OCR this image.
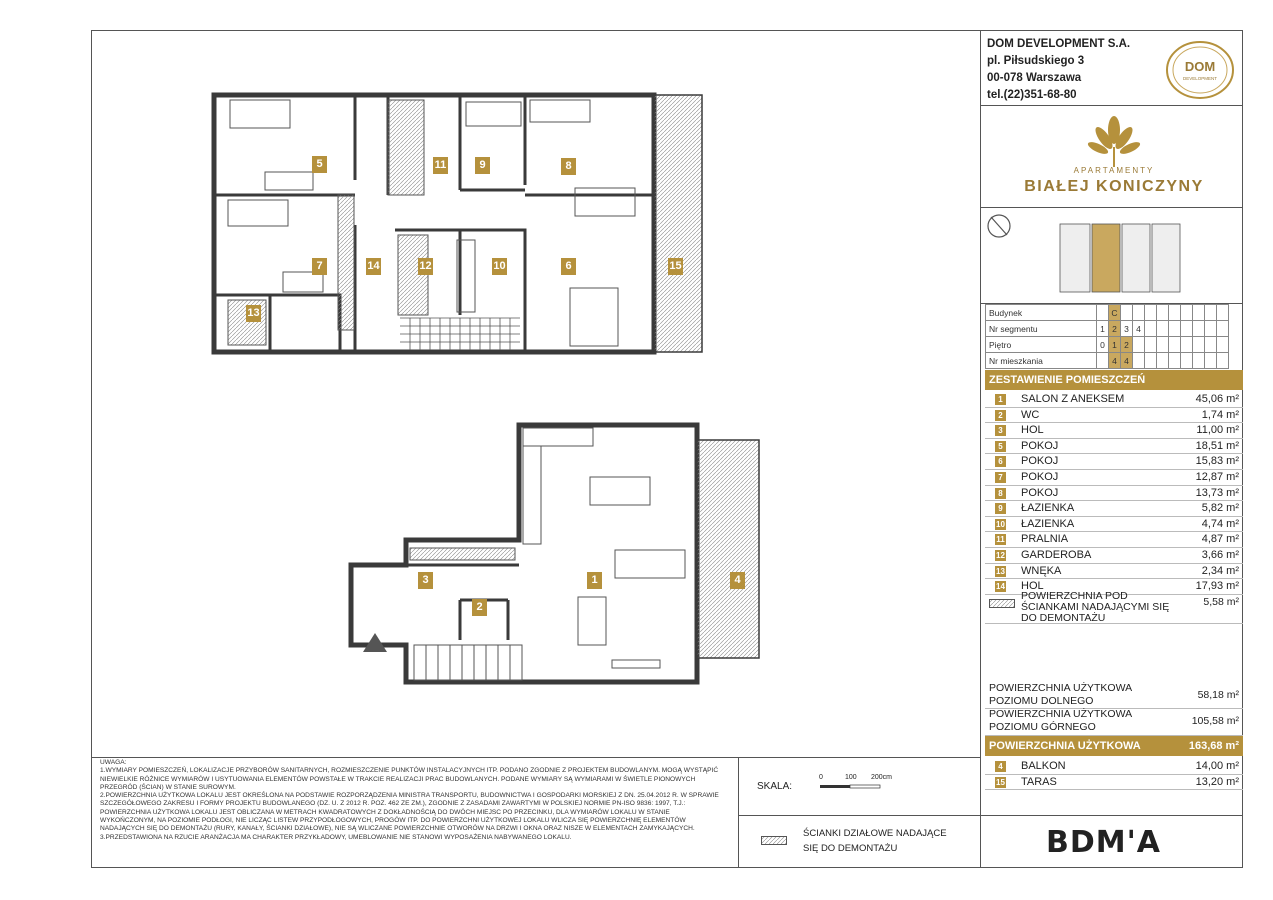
5	11	9	8
7	14	12	10	6	15
13
3	1
2
4
DOM DEVELOPMENT S.A.
pl. Piłsudskiego 3
00-078 Warszawa
tel.(22)351-68-80
DOM
DEVELOPMENT
APARTAMENTY
BIAŁEJ KONICZYNY
Budynek		C									
Nr segmentu	1	2	3	4							
Piętro	0	1	2								
Nr mieszkania		4	4								
ZESTAWIENIE POMIESZCZEŃ
1 SALON Z ANEKSEM	45,06 m²
2 WC	1,74 m²
3 HOL	11,00 m²
5 POKOJ	18,51 m²
6 POKOJ	15,83 m²
7 POKOJ	12,87 m²
8 POKOJ	13,73 m²
9 ŁAZIENKA	5,82 m²
10 ŁAZIENKA	4,74 m²
11 PRALNIA	4,87 m²
12 GARDEROBA	3,66 m²
13 WNĘKA	2,34 m²
14 HOL	17,93 m²
POWIERZCHNIA POD
ŚCIANKAMI NADAJĄCYMI SIĘ
DO DEMONTAŻU
5,58 m²
POWIERZCHNIA UŻYTKOWA
POZIOMU DOLNEGO	58,18 m²
POWIERZCHNIA UŻYTKOWA
POZIOMU GÓRNEGO	105,58 m²
POWIERZCHNIA UŻYTKOWA	163,68 m²
4 BALKON	14,00 m²
15 TARAS	13,20 m²
UWAGA:
1.WYMIARY POMIESZCZEŃ, LOKALIZACJE PRZYBORÓW SANITARNYCH, ROZMIESZCZENIE PUNKTÓW INSTALACYJNYCH ITP. PODANO ZGODNIE Z PROJEKTEM BUDOWLANYM. MOGĄ WYSTĄPIĆ NIEWIELKIE RÓŻNICE WYMIARÓW I USYTUOWANIA ELEMENTÓW POWSTAŁE W TRAKCIE REALIZACJI PRAC BUDOWLANYCH. PODANE WYMIARY SĄ WYMIARAMI W ŚWIETLE PIONOWYCH PRZEGRÓD (ŚCIAN) W STANIE SUROWYM.
2.POWIERZCHNIA UŻYTKOWA LOKALU JEST OKREŚLONA NA PODSTAWIE ROZPORZĄDZENIA MINISTRA TRANSPORTU, BUDOWNICTWA I GOSPODARKI MORSKIEJ Z DN. 25.04.2012 R. W SPRAWIE SZCZEGÓŁOWEGO ZAKRESU I FORMY PROJEKTU BUDOWLANEGO (DZ. U. Z 2012 R. POZ. 462 ZE ZM.), ZGODNIE Z ZASADAMI ZAWARTYMI W POLSKIEJ NORMIE PN-ISO 9836: 1997, T.J.: POWIERZCHNIA UŻYTKOWA LOKALU JEST OBLICZANA W METRACH KWADRATOWYCH Z DOKŁADNOŚCIĄ DO DWÓCH MIEJSC PO PRZECINKU, DLA WYMIARÓW LOKALU W STANIE WYKOŃCZONYM, NA POZIOMIE PODŁOGI, NIE LICZĄC LISTEW PRZYPODŁOGOWYCH, PROGÓW ITP. DO POWIERZCHNI UŻYTKOWEJ LOKALU WLICZA SIĘ POWIERZCHNIĘ ELEMENTÓW NADAJĄCYCH SIĘ DO DEMONTAŻU (RURY, KANAŁY, ŚCIANKI DZIAŁOWE), NIE SĄ WLICZANE POWIERZCHNIE OTWORÓW NA DRZWI I OKNA ORAZ NISZE W ELEMENTACH ZAMYKAJĄCYCH.
3.PRZEDSTAWIONA NA RZUCIE ARANŻACJA MA CHARAKTER PRZYKŁADOWY, UMEBLOWANIE NIE STANOWI WYPOSAŻENIA NABYWANEGO LOKALU.
SKALA:
0	100 200cm
ŚCIANKI DZIAŁOWE NADAJĄCE
SIĘ DO DEMONTAŻU	BDM'A
